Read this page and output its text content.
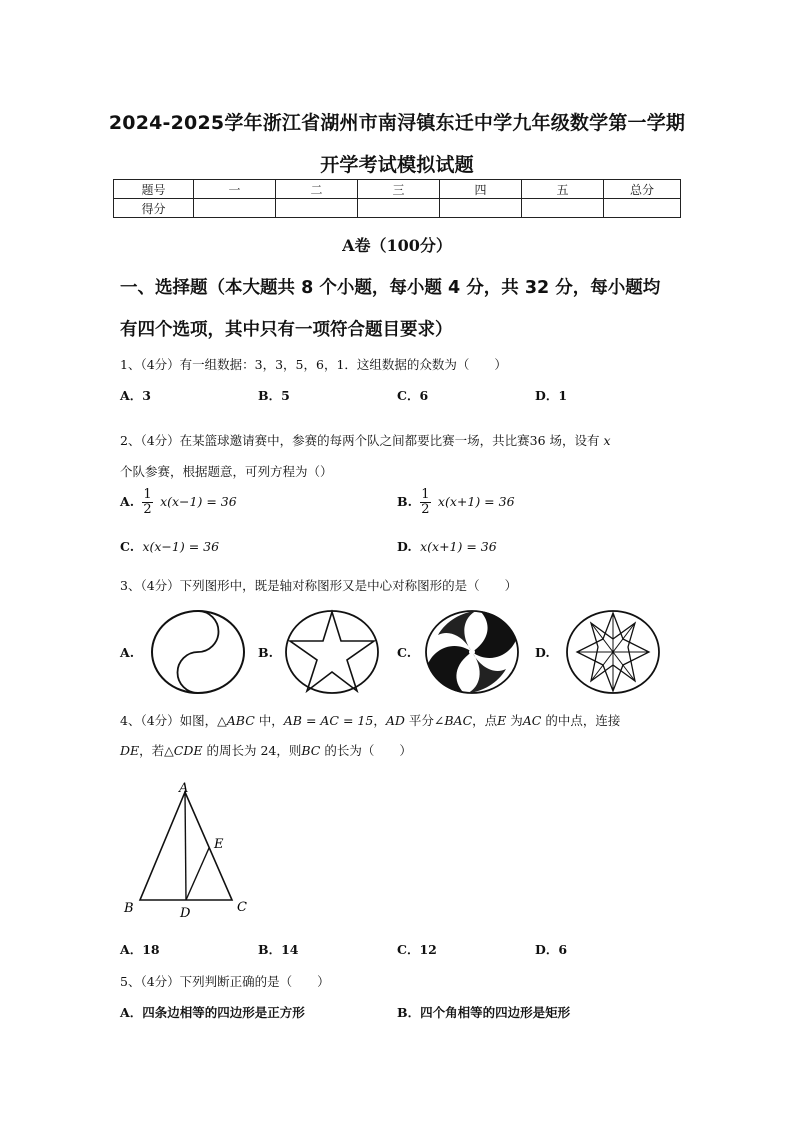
2024-2025学年浙江省湖州市南浔镇东迁中学九年级数学第一学期
开学考试模拟试题
题号	一	二	三	四	五	总分
得分						
A卷（100分）
一、选择题（本大题共 8 个小题，每小题 4 分，共 32 分，每小题均
有四个选项，其中只有一项符合题目要求）
1、（4分）有一组数据：3，3，5，6，1．这组数据的众数为（　　）
A．3	B．5	C．6	D．1
2、（4分）在某篮球邀请赛中，参赛的每两个队之间都要比赛一场，共比赛36 场，设有 x
个队参赛，根据题意，可列方程为（）
A. $\frac{1}{2} x(x-1) = 36$	B. $\frac{1}{2} x(x+1) = 36$
C. x(x−1) = 36	D. x(x+1) = 36
3、（4分）下列图形中，既是轴对称图形又是中心对称图形的是（　　）
A.	B.	C.	D.
4、（4分）如图，△ABC 中，AB = AC = 15，AD 平分∠BAC，点E 为AC 的中点，连接
DE，若△CDE 的周长为 24，则BC 的长为（　　）
A
B	D	C
E
A．18	B．14	C．12	D．6
5、（4分）下列判断正确的是（　　）
A．四条边相等的四边形是正方形	B．四个角相等的四边形是矩形
